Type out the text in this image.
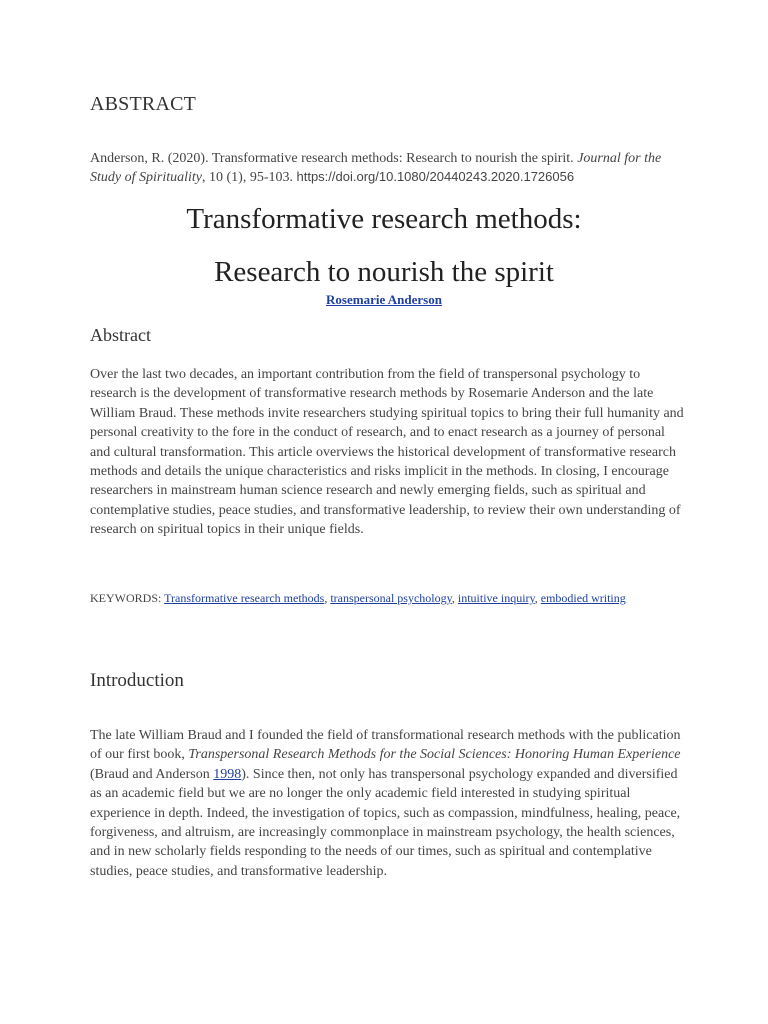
ABSTRACT
Anderson, R. (2020). Transformative research methods: Research to nourish the spirit. Journal for the Study of Spirituality, 10 (1), 95-103. https://doi.org/10.1080/20440243.2020.1726056
Transformative research methods:
Research to nourish the spirit
Rosemarie Anderson
Abstract
Over the last two decades, an important contribution from the field of transpersonal psychology to research is the development of transformative research methods by Rosemarie Anderson and the late William Braud. These methods invite researchers studying spiritual topics to bring their full humanity and personal creativity to the fore in the conduct of research, and to enact research as a journey of personal and cultural transformation. This article overviews the historical development of transformative research methods and details the unique characteristics and risks implicit in the methods. In closing, I encourage researchers in mainstream human science research and newly emerging fields, such as spiritual and contemplative studies, peace studies, and transformative leadership, to review their own understanding of research on spiritual topics in their unique fields.
KEYWORDS: Transformative research methods, transpersonal psychology, intuitive inquiry, embodied writing
Introduction
The late William Braud and I founded the field of transformational research methods with the publication of our first book, Transpersonal Research Methods for the Social Sciences: Honoring Human Experience (Braud and Anderson 1998). Since then, not only has transpersonal psychology expanded and diversified as an academic field but we are no longer the only academic field interested in studying spiritual experience in depth. Indeed, the investigation of topics, such as compassion, mindfulness, healing, peace, forgiveness, and altruism, are increasingly commonplace in mainstream psychology, the health sciences, and in new scholarly fields responding to the needs of our times, such as spiritual and contemplative studies, peace studies, and transformative leadership.
